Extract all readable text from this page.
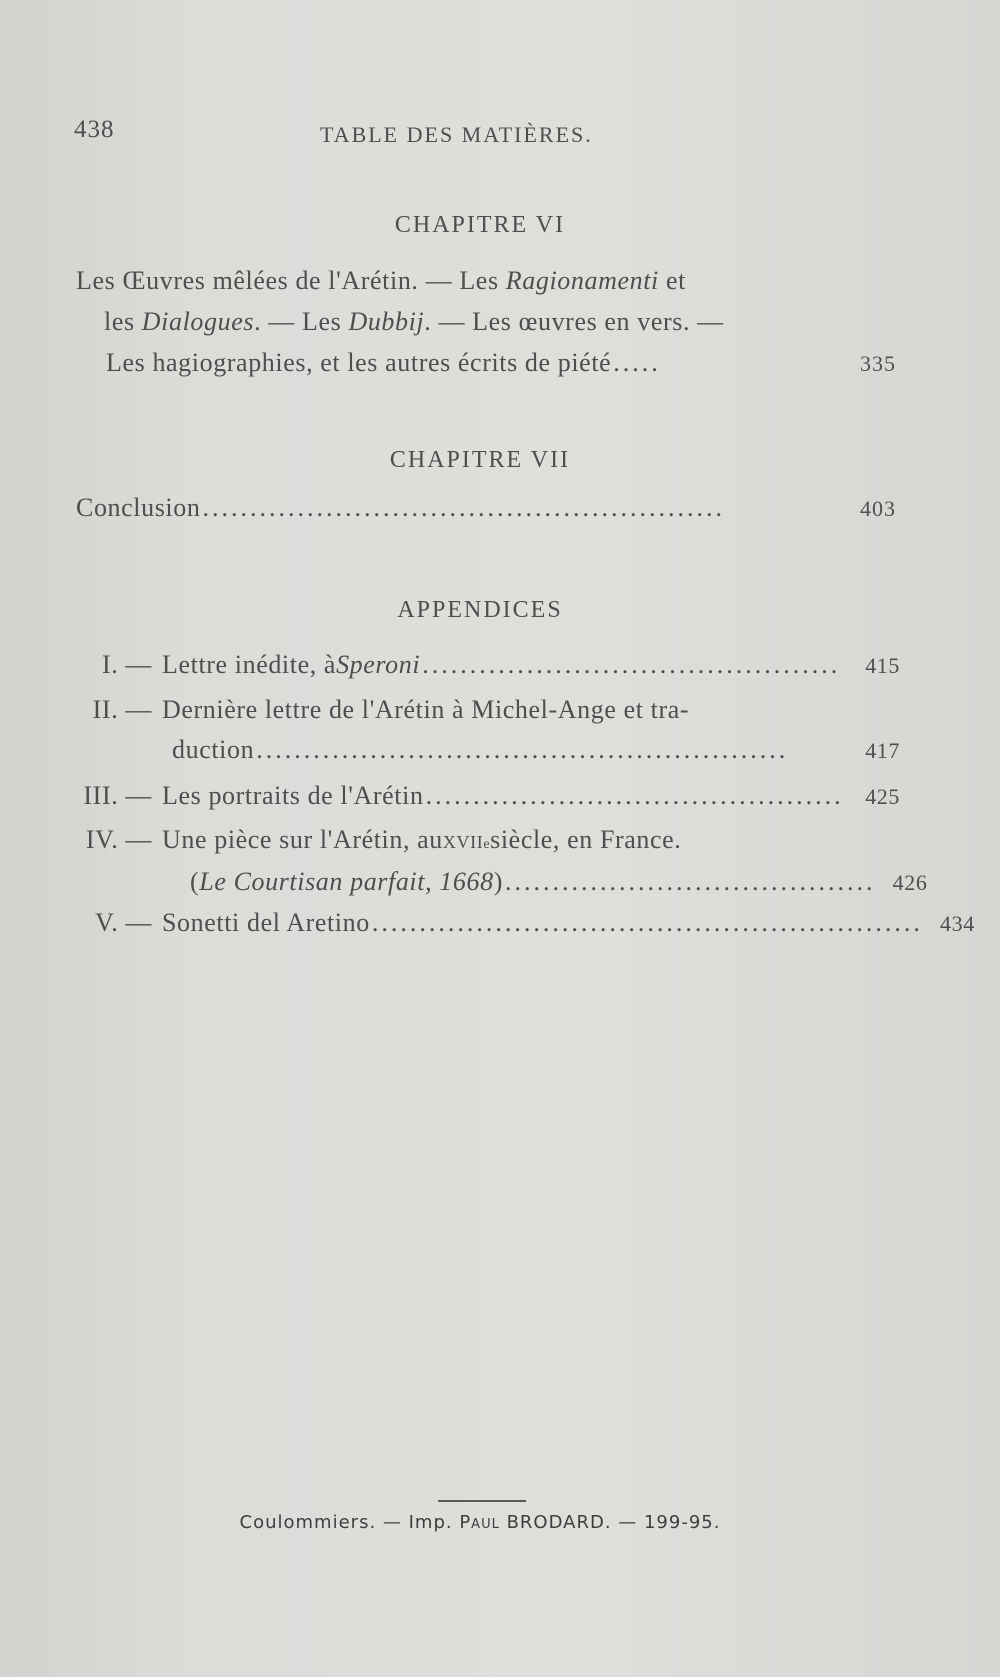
438	TABLE DES MATIÈRES.
CHAPITRE VI
Les Œuvres mêlées de l'Arétin. — Les Ragionamenti et
les Dialogues. — Les Dubbij. — Les œuvres en vers. —
Les hagiographies, et les autres écrits de piété .....	335
CHAPITRE VII
Conclusion .......................................................	403
APPENDICES
I. — Lettre inédite, à Speroni ............................................	415
II. — Dernière lettre de l'Arétin à Michel-Ange et tra-
duction ........................................................	417
III. — Les portraits de l'Arétin ............................................ 425
IV. — Une pièce sur l'Arétin, au xvii e siècle, en France.
( Le Courtisan parfait, 1668 ) ....................................... 426
V. — Sonetti del Aretino .......................................................... 434
Coulommiers. — Imp. Paul BRODARD. — 199-95.
